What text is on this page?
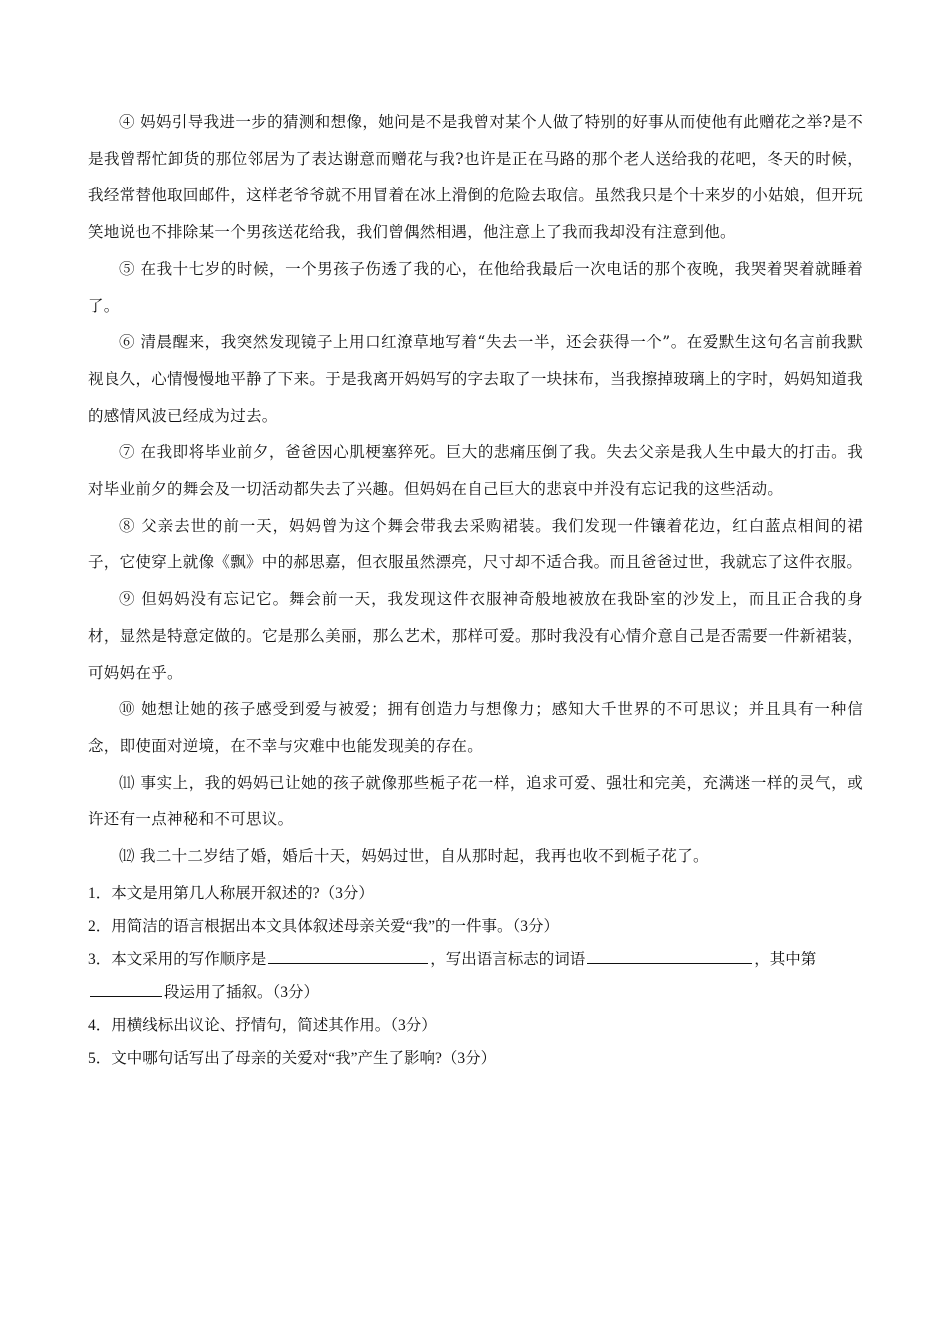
④ 妈妈引导我进一步的猜测和想像，她问是不是我曾对某个人做了特别的好事从而使他有此赠花之举?是不是我曾帮忙卸货的那位邻居为了表达谢意而赠花与我?也许是正在马路的那个老人送给我的花吧，冬天的时候，我经常替他取回邮件，这样老爷爷就不用冒着在冰上滑倒的危险去取信。虽然我只是个十来岁的小姑娘，但开玩笑地说也不排除某一个男孩送花给我，我们曾偶然相遇，他注意上了我而我却没有注意到他。

⑤ 在我十七岁的时候，一个男孩子伤透了我的心，在他给我最后一次电话的那个夜晚，我哭着哭着就睡着了。

⑥ 清晨醒来，我突然发现镜子上用口红潦草地写着“失去一半，还会获得一个”。在爱默生这句名言前我默视良久，心情慢慢地平静了下来。于是我离开妈妈写的字去取了一块抹布，当我擦掉玻璃上的字时，妈妈知道我的感情风波已经成为过去。

⑦ 在我即将毕业前夕，爸爸因心肌梗塞猝死。巨大的悲痛压倒了我。失去父亲是我人生中最大的打击。我对毕业前夕的舞会及一切活动都失去了兴趣。但妈妈在自己巨大的悲哀中并没有忘记我的这些活动。

⑧ 父亲去世的前一天，妈妈曾为这个舞会带我去采购裙装。我们发现一件镶着花边，红白蓝点相间的裙子，它使穿上就像《飘》中的郝思嘉，但衣服虽然漂亮，尺寸却不适合我。而且爸爸过世，我就忘了这件衣服。

⑨ 但妈妈没有忘记它。舞会前一天，我发现这件衣服神奇般地被放在我卧室的沙发上，而且正合我的身材，显然是特意定做的。它是那么美丽，那么艺术，那样可爱。那时我没有心情介意自己是否需要一件新裙装，可妈妈在乎。

⑩ 她想让她的孩子感受到爱与被爱；拥有创造力与想像力；感知大千世界的不可思议；并且具有一种信念，即使面对逆境，在不幸与灾难中也能发现美的存在。

⑾ 事实上，我的妈妈已让她的孩子就像那些栀子花一样，追求可爱、强壮和完美，充满迷一样的灵气，或许还有一点神秘和不可思议。

⑿ 我二十二岁结了婚，婚后十天，妈妈过世，自从那时起，我再也收不到栀子花了。

1．本文是用第几人称展开叙述的?（3分）

2．用简洁的语言根据出本文具体叙述母亲关爱“我”的一件事。（3分）

3．本文采用的写作顺序是	，写出语言标志的词语	，其中第
段运用了插叙。（3分）

4．用横线标出议论、抒情句，简述其作用。（3分）

5．文中哪句话写出了母亲的关爱对“我”产生了影响?（3分）
